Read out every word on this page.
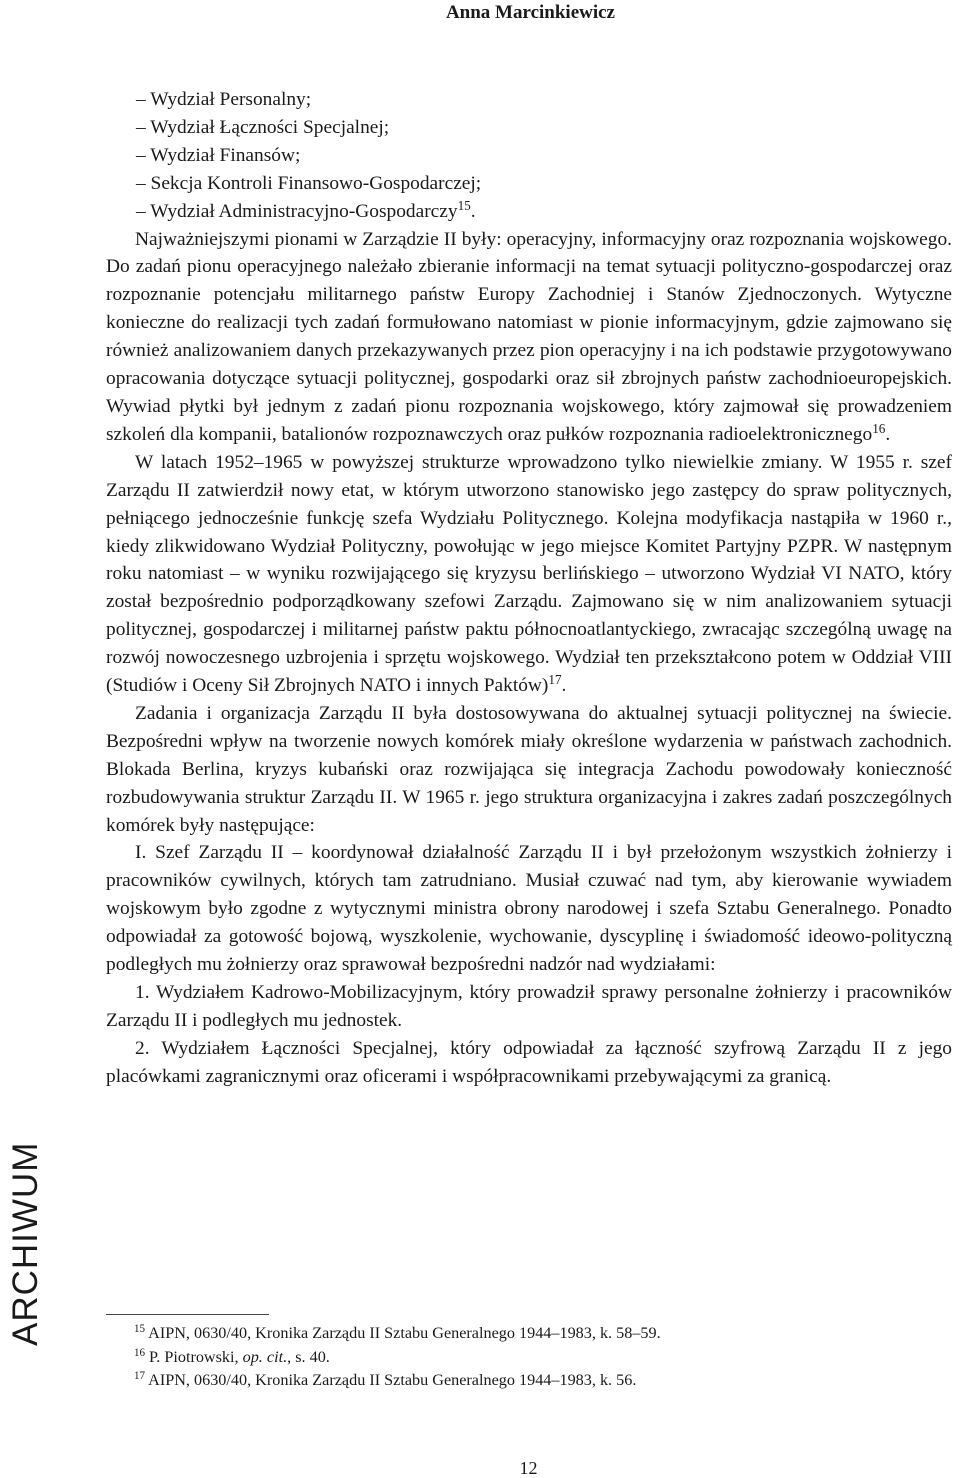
Anna Marcinkiewicz
– Wydział Personalny;
– Wydział Łączności Specjalnej;
– Wydział Finansów;
– Sekcja Kontroli Finansowo-Gospodarczej;
– Wydział Administracyjno-Gospodarczy$^{15}$.

Najważniejszymi pionami w Zarządzie II były: operacyjny, informacyjny oraz rozpoznania wojskowego. Do zadań pionu operacyjnego należało zbieranie informacji na temat sytuacji polityczno-gospodarczej oraz rozpoznanie potencjału militarnego państw Europy Zachodniej i Stanów Zjednoczonych. Wytyczne konieczne do realizacji tych zadań formułowano natomiast w pionie informacyjnym, gdzie zajmowano się również analizowaniem danych przekazywanych przez pion operacyjny i na ich podstawie przygotowywano opracowania dotyczące sytuacji politycznej, gospodarki oraz sił zbrojnych państw zachodnioeuropejskich. Wywiad płytki był jednym z zadań pionu rozpoznania wojskowego, który zajmował się prowadzeniem szkoleń dla kompanii, batalionów rozpoznawczych oraz pułków rozpoznania radioelektronicznego$^{16}$.

W latach 1952–1965 w powyższej strukturze wprowadzono tylko niewielkie zmiany. W 1955 r. szef Zarządu II zatwierdził nowy etat, w którym utworzono stanowisko jego zastępcy do spraw politycznych, pełniącego jednocześnie funkcję szefa Wydziału Politycznego. Kolejna modyfikacja nastąpiła w 1960 r., kiedy zlikwidowano Wydział Polityczny, powołując w jego miejsce Komitet Partyjny PZPR. W następnym roku natomiast – w wyniku rozwijającego się kryzysu berlińskiego – utworzono Wydział VI NATO, który został bezpośrednio podporządkowany szefowi Zarządu. Zajmowano się w nim analizowaniem sytuacji politycznej, gospodarczej i militarnej państw paktu północnoatlantyckiego, zwracając szczególną uwagę na rozwój nowoczesnego uzbrojenia i sprzętu wojskowego. Wydział ten przekształcono potem w Oddział VIII (Studiów i Oceny Sił Zbrojnych NATO i innych Paktów)$^{17}$.

Zadania i organizacja Zarządu II była dostosowywana do aktualnej sytuacji politycznej na świecie. Bezpośredni wpływ na tworzenie nowych komórek miały określone wydarzenia w państwach zachodnich. Blokada Berlina, kryzys kubański oraz rozwijająca się integracja Zachodu powodowały konieczność rozbudowywania struktur Zarządu II. W 1965 r. jego struktura organizacyjna i zakres zadań poszczególnych komórek były następujące:

I. Szef Zarządu II – koordynował działalność Zarządu II i był przełożonym wszystkich żołnierzy i pracowników cywilnych, których tam zatrudniano. Musiał czuwać nad tym, aby kierowanie wywiadem wojskowym było zgodne z wytycznymi ministra obrony narodowej i szefa Sztabu Generalnego. Ponadto odpowiadał za gotowość bojową, wyszkolenie, wychowanie, dyscyplinę i świadomość ideowo-polityczną podległych mu żołnierzy oraz sprawował bezpośredni nadzór nad wydziałami:

1. Wydziałem Kadrowo-Mobilizacyjnym, który prowadził sprawy personalne żołnierzy i pracowników Zarządu II i podległych mu jednostek.

2. Wydziałem Łączności Specjalnej, który odpowiadał za łączność szyfrową Zarządu II z jego placówkami zagranicznymi oraz oficerami i współpracownikami przebywającymi za granicą.

$^{15}$ AIPN, 0630/40, Kronika Zarządu II Sztabu Generalnego 1944–1983, k. 58–59.

$^{16}$ P. Piotrowski, op. cit., s. 40.

$^{17}$ AIPN, 0630/40, Kronika Zarządu II Sztabu Generalnego 1944–1983, k. 56.

ARCHIWUM
12
